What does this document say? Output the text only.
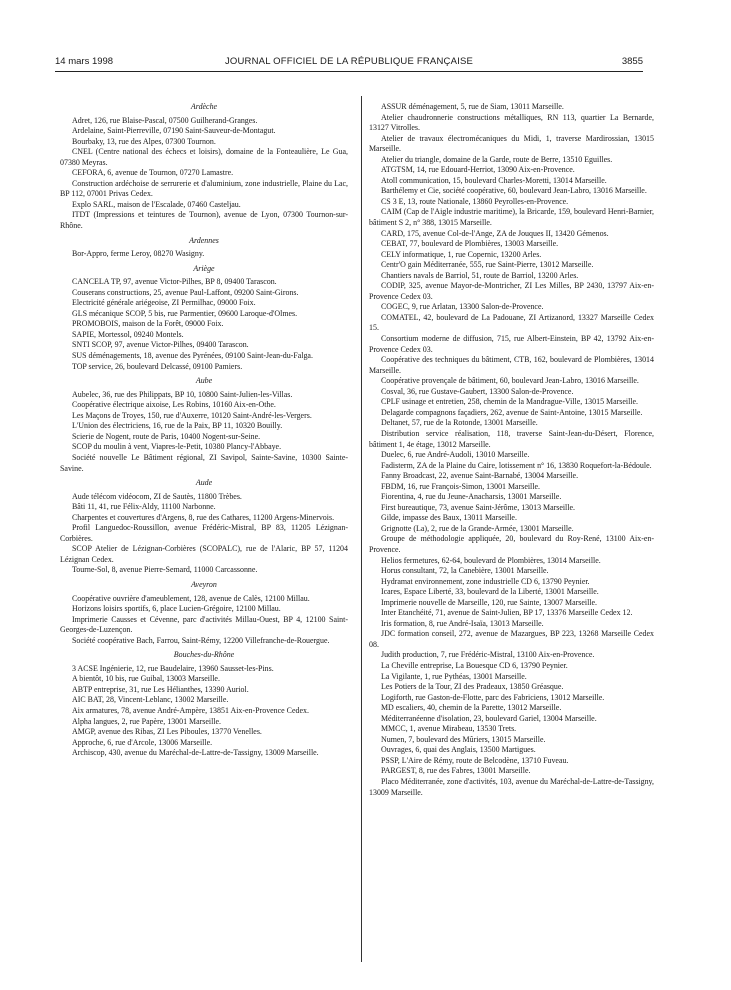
14 mars 1998	JOURNAL OFFICIEL DE LA RÉPUBLIQUE FRANÇAISE	3855
Ardèche
Adret, 126, rue Blaise-Pascal, 07500 Guilherand-Granges.
Ardelaine, Saint-Pierreville, 07190 Saint-Sauveur-de-Montagut.
Bourbaky, 13, rue des Alpes, 07300 Tournon.
CNEL (Centre national des échecs et loisirs), domaine de la Fonteaulière, Le Gua, 07380 Meyras.
CEFORA, 6, avenue de Tournon, 07270 Lamastre.
Construction ardéchoise de serrurerie et d'aluminium, zone industrielle, Plaine du Lac, BP 112, 07001 Privas Cedex.
Explo SARL, maison de l'Escalade, 07460 Casteljau.
ITDT (Impressions et teintures de Tournon), avenue de Lyon, 07300 Tournon-sur-Rhône.
Ardennes
Bor-Appro, ferme Leroy, 08270 Wasigny.
Ariège
CANCELA TP, 97, avenue Victor-Pilhes, BP 8, 09400 Tarascon.
Couserans constructions, 25, avenue Paul-Laffont, 09200 Saint-Girons.
Electricité générale ariégeoise, ZI Permilhac, 09000 Foix.
GLS mécanique SCOP, 5 bis, rue Parmentier, 09600 Laroque-d'Olmes.
PROMOBOIS, maison de la Forêt, 09000 Foix.
SAPIE, Mortessol, 09240 Montels.
SNTI SCOP, 97, avenue Victor-Pilhes, 09400 Tarascon.
SUS déménagements, 18, avenue des Pyrénées, 09100 Saint-Jean-du-Falga.
TOP service, 26, boulevard Delcassé, 09100 Pamiers.
Aube
Aubelec, 36, rue des Philippats, BP 10, 10800 Saint-Julien-les-Villas.
Coopérative électrique aixoise, Les Robins, 10160 Aix-en-Othe.
Les Maçons de Troyes, 150, rue d'Auxerre, 10120 Saint-André-les-Vergers.
L'Union des électriciens, 16, rue de la Paix, BP 11, 10320 Bouilly.
Scierie de Nogent, route de Paris, 10400 Nogent-sur-Seine.
SCOP du moulin à vent, Viapres-le-Petit, 10380 Plancy-l'Abbaye.
Société nouvelle Le Bâtiment régional, ZI Savipol, Sainte-Savine, 10300 Sainte-Savine.
Aude
Aude télécom vidéocom, ZI de Sautès, 11800 Trèbes.
Bâti 11, 41, rue Félix-Aldy, 11100 Narbonne.
Charpentes et couvertures d'Argens, 8, rue des Cathares, 11200 Argens-Minervois.
Profil Languedoc-Roussillon, avenue Frédéric-Mistral, BP 83, 11205 Lézignan-Corbières.
SCOP Atelier de Lézignan-Corbières (SCOPALC), rue de l'Alaric, BP 57, 11204 Lézignan Cedex.
Tourne-Sol, 8, avenue Pierre-Semard, 11000 Carcassonne.
Aveyron
Coopérative ouvrière d'ameublement, 128, avenue de Calès, 12100 Millau.
Horizons loisirs sportifs, 6, place Lucien-Grégoire, 12100 Millau.
Imprimerie Causses et Cévenne, parc d'activités Millau-Ouest, BP 4, 12100 Saint-Georges-de-Luzençon.
Société coopérative Bach, Farrou, Saint-Rémy, 12200 Villefranche-de-Rouergue.
Bouches-du-Rhône
3 ACSE Ingénierie, 12, rue Baudelaire, 13960 Sausset-les-Pins.
A bientôt, 10 bis, rue Guibal, 13003 Marseille.
ABTP entreprise, 31, rue Les Hélianthes, 13390 Auriol.
AIC BAT, 28, Vincent-Leblanc, 13002 Marseille.
Aix armatures, 78, avenue André-Ampère, 13851 Aix-en-Provence Cedex.
Alpha langues, 2, rue Papère, 13001 Marseille.
AMGP, avenue des Ribas, ZI Les Piboules, 13770 Venelles.
Approche, 6, rue d'Arcole, 13006 Marseille.
Archiscop, 430, avenue du Maréchal-de-Lattre-de-Tassigny, 13009 Marseille.
ASSUR déménagement, 5, rue de Siam, 13011 Marseille.
Atelier chaudronnerie constructions métalliques, RN 113, quartier La Bernarde, 13127 Vitrolles.
Atelier de travaux électromécaniques du Midi, 1, traverse Mardirossian, 13015 Marseille.
Atelier du triangle, domaine de la Garde, route de Berre, 13510 Eguilles.
ATGTSM, 14, rue Edouard-Herriot, 13090 Aix-en-Provence.
Atoll communication, 15, boulevard Charles-Moretti, 13014 Marseille.
Barthélemy et Cie, société coopérative, 60, boulevard Jean-Labro, 13016 Marseille.
CS 3 E, 13, route Nationale, 13860 Peyrolles-en-Provence.
CAIM (Cap de l'Aigle industrie maritime), la Bricarde, 159, boulevard Henri-Barnier, bâtiment S 2, n° 388, 13015 Marseille.
CARD, 175, avenue Col-de-l'Ange, ZA de Jouques II, 13420 Gémenos.
CEBAT, 77, boulevard de Plombières, 13003 Marseille.
CELY informatique, 1, rue Copernic, 13200 Arles.
Centr'O gain Méditerranée, 555, rue Saint-Pierre, 13012 Marseille.
Chantiers navals de Barriol, 51, route de Barriol, 13200 Arles.
CODIP, 325, avenue Mayor-de-Montricher, ZI Les Milles, BP 2430, 13797 Aix-en-Provence Cedex 03.
COGEC, 9, rue Arlatan, 13300 Salon-de-Provence.
COMATEL, 42, boulevard de La Padouane, ZI Artizanord, 13327 Marseille Cedex 15.
Consortium moderne de diffusion, 715, rue Albert-Einstein, BP 42, 13792 Aix-en-Provence Cedex 03.
Coopérative des techniques du bâtiment, CTB, 162, boulevard de Plombières, 13014 Marseille.
Coopérative provençale de bâtiment, 60, boulevard Jean-Labro, 13016 Marseille.
Cosval, 36, rue Gustave-Gaubert, 13300 Salon-de-Provence.
CPLF usinage et entretien, 258, chemin de la Mandrague-Ville, 13015 Marseille.
Delagarde compagnons façadiers, 262, avenue de Saint-Antoine, 13015 Marseille.
Deltanet, 57, rue de la Rotonde, 13001 Marseille.
Distribution service réalisation, 118, traverse Saint-Jean-du-Désert, Florence, bâtiment 1, 4e étage, 13012 Marseille.
Duelec, 6, rue André-Audoli, 13010 Marseille.
Fadisterm, ZA de la Plaine du Caire, lotissement n° 16, 13830 Roquefort-la-Bédoule.
Fanny Broadcast, 22, avenue Saint-Barnabé, 13004 Marseille.
FBDM, 16, rue François-Simon, 13001 Marseille.
Fiorentina, 4, rue du Jeune-Anacharsis, 13001 Marseille.
First bureautique, 73, avenue Saint-Jérôme, 13013 Marseille.
Gilde, impasse des Baux, 13011 Marseille.
Grignotte (La), 2, rue de la Grande-Armée, 13001 Marseille.
Groupe de méthodologie appliquée, 20, boulevard du Roy-René, 13100 Aix-en-Provence.
Helios fermetures, 62-64, boulevard de Plombières, 13014 Marseille.
Horus consultant, 72, la Canebière, 13001 Marseille.
Hydramat environnement, zone industrielle CD 6, 13790 Peynier.
Icares, Espace Liberté, 33, boulevard de la Liberté, 13001 Marseille.
Imprimerie nouvelle de Marseille, 120, rue Sainte, 13007 Marseille.
Inter Etanchéité, 71, avenue de Saint-Julien, BP 17, 13376 Marseille Cedex 12.
Iris formation, 8, rue André-Isaïa, 13013 Marseille.
JDC formation conseil, 272, avenue de Mazargues, BP 223, 13268 Marseille Cedex 08.
Judith production, 7, rue Frédéric-Mistral, 13100 Aix-en-Provence.
La Cheville entreprise, La Bouesque CD 6, 13790 Peynier.
La Vigilante, 1, rue Pythéas, 13001 Marseille.
Les Potiers de la Tour, ZI des Pradeaux, 13850 Gréasque.
Logiforth, rue Gaston-de-Flotte, parc des Fabriciens, 13012 Marseille.
MD escaliers, 40, chemin de la Parette, 13012 Marseille.
Méditerranéenne d'isolation, 23, boulevard Gariel, 13004 Marseille.
MMCC, 1, avenue Mirabeau, 13530 Trets.
Numen, 7, boulevard des Mûriers, 13015 Marseille.
Ouvrages, 6, quai des Anglais, 13500 Martigues.
PSSP, L'Aire de Rémy, route de Belcodène, 13710 Fuveau.
PARGEST, 8, rue des Fabres, 13001 Marseille.
Placo Méditerranée, zone d'activités, 103, avenue du Maréchal-de-Lattre-de-Tassigny, 13009 Marseille.
